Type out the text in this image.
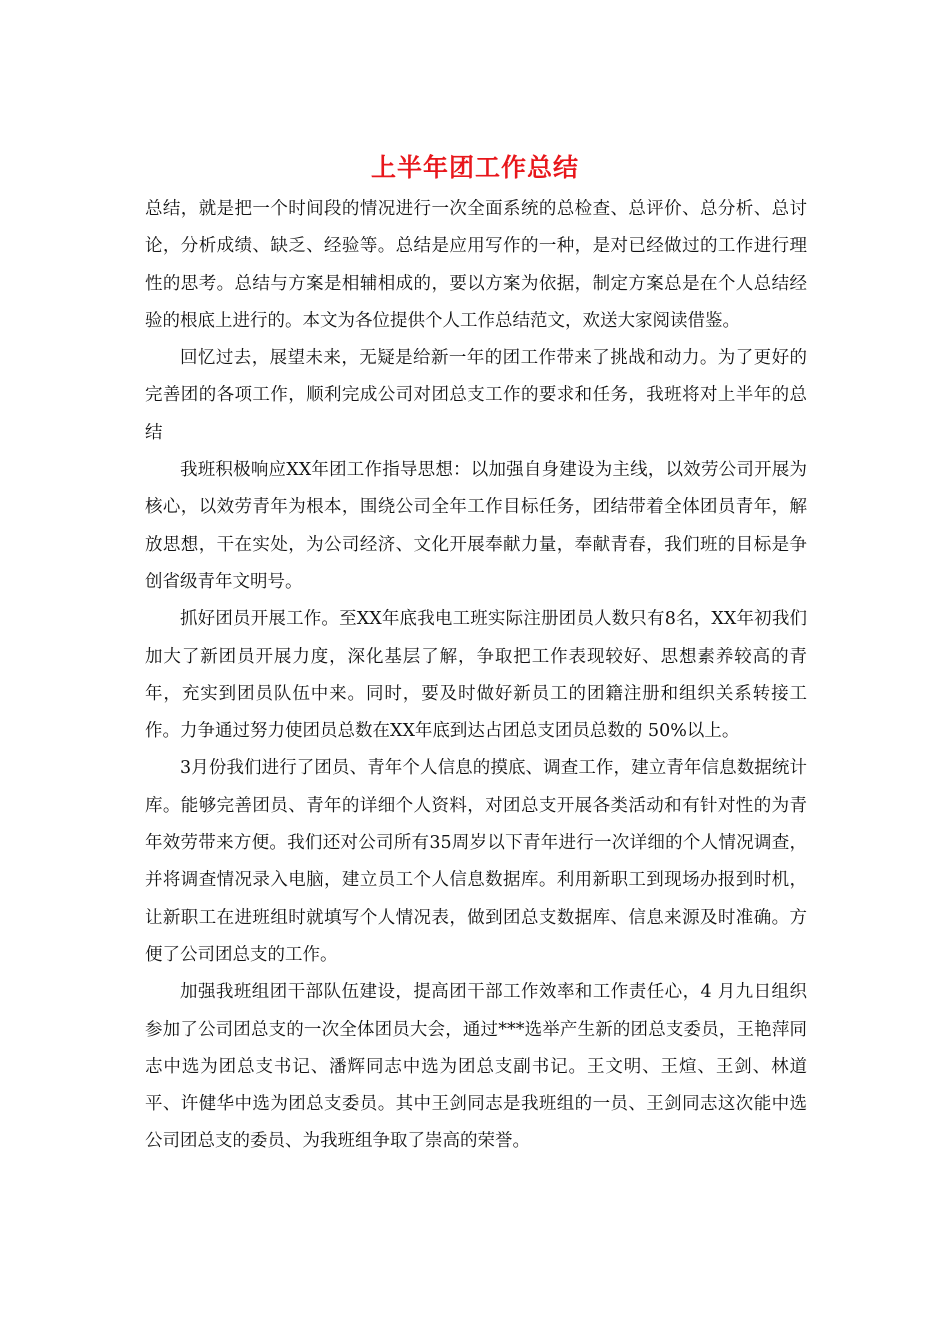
上半年团工作总结

总结，就是把一个时间段的情况进行一次全面系统的总检查、总评价、总分析、总讨论，分析成绩、缺乏、经验等。总结是应用写作的一种，是对已经做过的工作进行理性的思考。总结与方案是相辅相成的，要以方案为依据，制定方案总是在个人总结经验的根底上进行的。本文为各位提供个人工作总结范文，欢送大家阅读借鉴。

回忆过去，展望未来，无疑是给新一年的团工作带来了挑战和动力。为了更好的完善团的各项工作，顺利完成公司对团总支工作的要求和任务，我班将对上半年的总结

我班积极响应XX年团工作指导思想：以加强自身建设为主线，以效劳公司开展为核心，以效劳青年为根本，围绕公司全年工作目标任务，团结带着全体团员青年，解放思想，干在实处，为公司经济、文化开展奉献力量，奉献青春，我们班的目标是争创省级青年文明号。

抓好团员开展工作。至XX年底我电工班实际注册团员人数只有8名，XX年初我们加大了新团员开展力度，深化基层了解，争取把工作表现较好、思想素养较高的青年，充实到团员队伍中来。同时，要及时做好新员工的团籍注册和组织关系转接工作。力争通过努力使团员总数在XX年底到达占团总支团员总数的 50%以上。

3月份我们进行了团员、青年个人信息的摸底、调查工作，建立青年信息数据统计库。能够完善团员、青年的详细个人资料，对团总支开展各类活动和有针对性的为青年效劳带来方便。我们还对公司所有35周岁以下青年进行一次详细的个人情况调查，并将调查情况录入电脑，建立员工个人信息数据库。利用新职工到现场办报到时机，让新职工在进班组时就填写个人情况表，做到团总支数据库、信息来源及时准确。方便了公司团总支的工作。

加强我班组团干部队伍建设，提高团干部工作效率和工作责任心，4 月九日组织参加了公司团总支的一次全体团员大会，通过***选举产生新的团总支委员，王艳萍同志中选为团总支书记、潘辉同志中选为团总支副书记。王文明、王煊、王剑、林道平、许健华中选为团总支委员。其中王剑同志是我班组的一员、王剑同志这次能中选公司团总支的委员、为我班组争取了崇高的荣誉。
